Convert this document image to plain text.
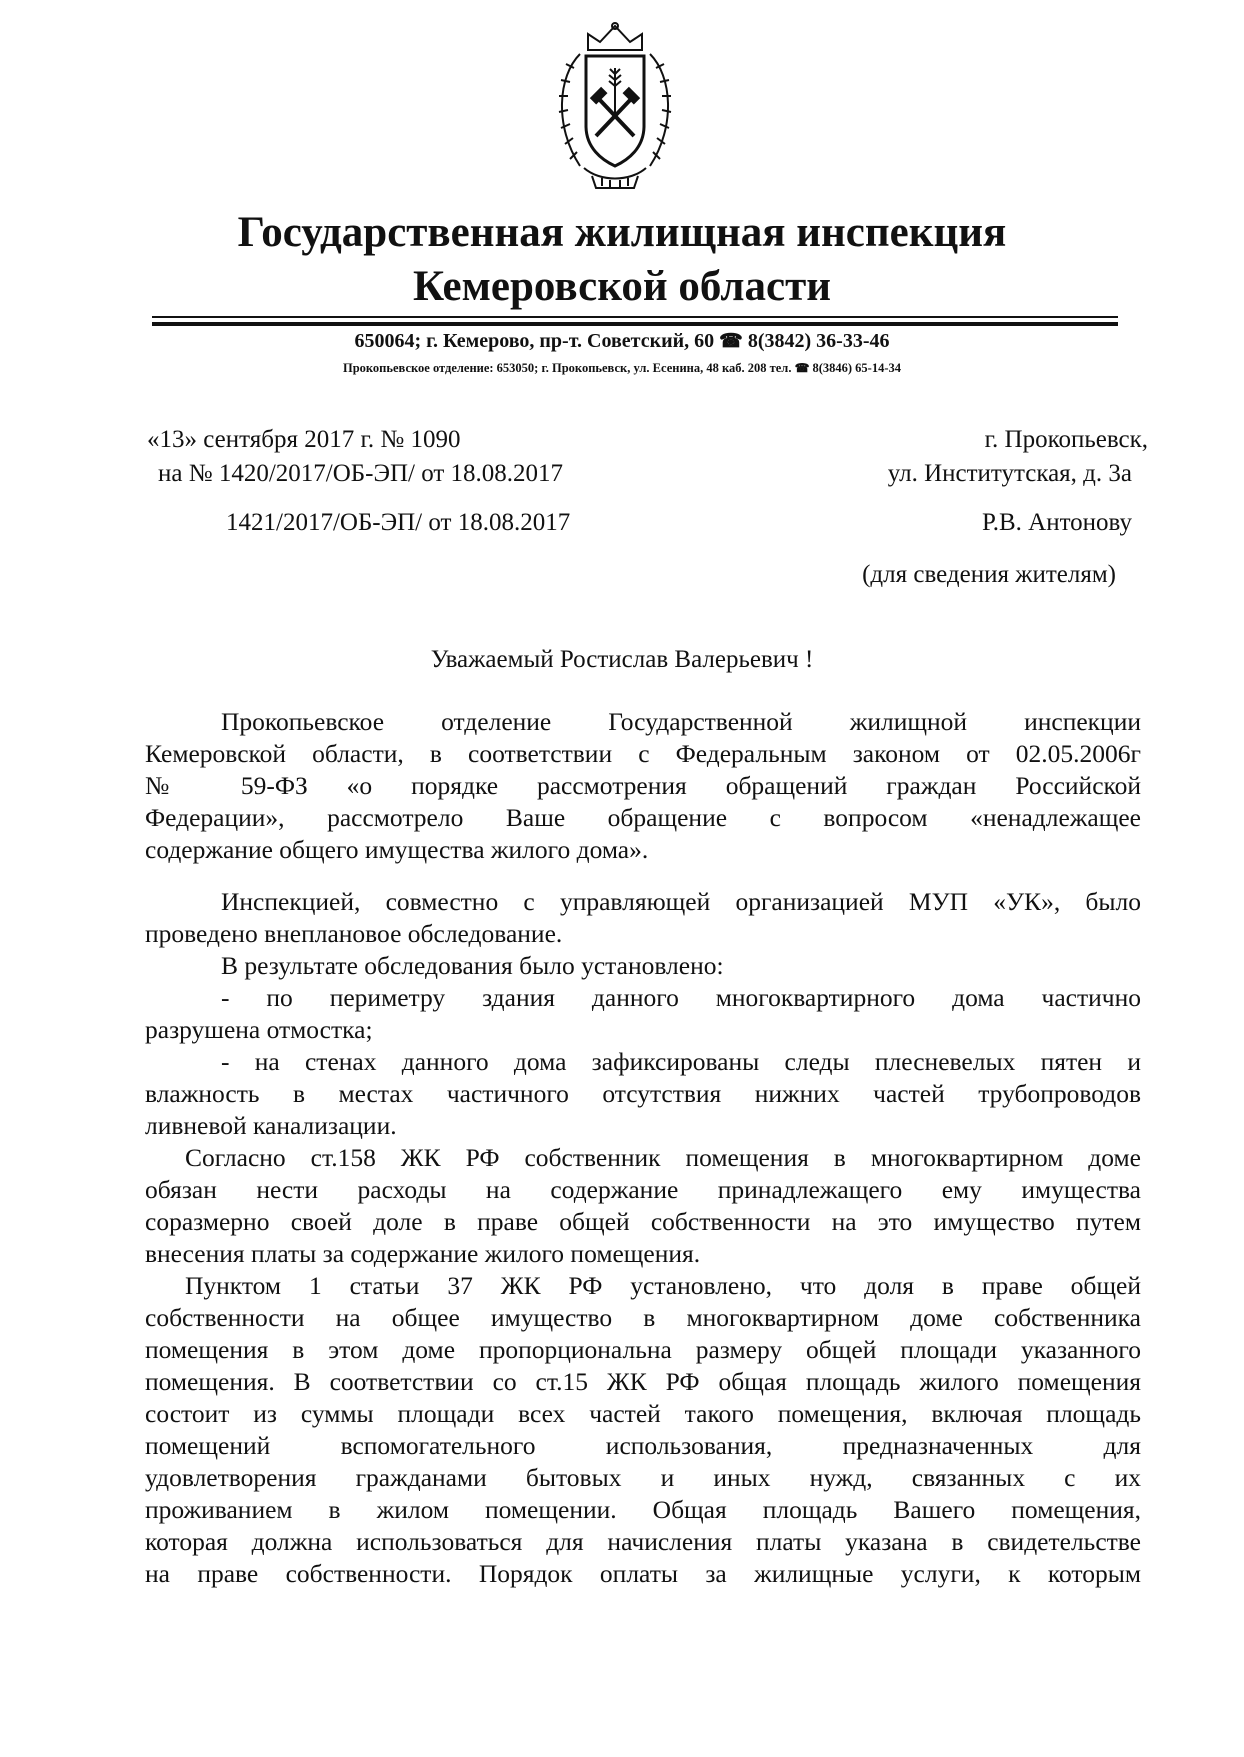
Государственная жилищная инспекция
Кемеровской области
650064; г. Кемерово, пр-т. Советский, 60 ☎ 8(3842) 36-33-46
Прокопьевское отделение: 653050; г. Прокопьевск, ул. Есенина, 48 каб. 208 тел. ☎ 8(3846) 65-14-34
«13» сентября 2017 г. № 1090
на № 1420/2017/ОБ-ЭП/ от 18.08.2017
1421/2017/ОБ-ЭП/ от 18.08.2017
г. Прокопьевск,
ул. Институтская, д. 3а
Р.В. Антонову
(для сведения жителям)
Уважаемый Ростислав Валерьевич !
Прокопьевское отделение Государственной жилищной инспекции
Кемеровской области, в соответствии с Федеральным законом от 02.05.2006г
№ 59-ФЗ «о порядке рассмотрения обращений граждан Российской
Федерации», рассмотрело Ваше обращение с вопросом «ненадлежащее
содержание общего имущества жилого дома».
Инспекцией, совместно с управляющей организацией МУП «УК», было
проведено внеплановое обследование.
В результате обследования было установлено:
- по периметру здания данного многоквартирного дома частично
разрушена отмостка;
- на стенах данного дома зафиксированы следы плесневелых пятен и
влажность в местах частичного отсутствия нижних частей трубопроводов
ливневой канализации.
Согласно ст.158 ЖК РФ собственник помещения в многоквартирном доме
обязан нести расходы на содержание принадлежащего ему имущества
соразмерно своей доле в праве общей собственности на это имущество путем
внесения платы за содержание жилого помещения.
Пунктом 1 статьи 37 ЖК РФ установлено, что доля в праве общей
собственности на общее имущество в многоквартирном доме собственника
помещения в этом доме пропорциональна размеру общей площади указанного
помещения. В соответствии со ст.15 ЖК РФ общая площадь жилого помещения
состоит из суммы площади всех частей такого помещения, включая площадь
помещений вспомогательного использования, предназначенных для
удовлетворения гражданами бытовых и иных нужд, связанных с их
проживанием в жилом помещении. Общая площадь Вашего помещения,
которая должна использоваться для начисления платы указана в свидетельстве
на праве собственности. Порядок оплаты за жилищные услуги, к которым
